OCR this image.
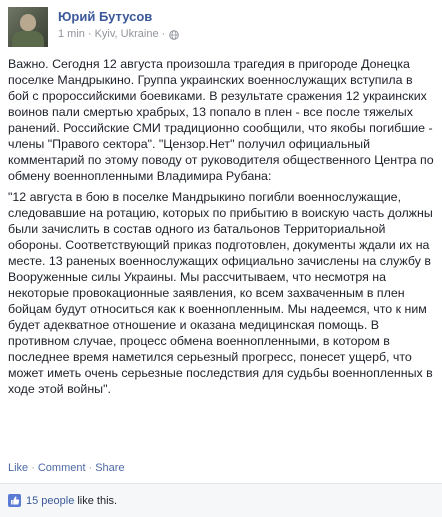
Юрий Бутусов
1 min · Kyiv, Ukraine ·

Важно. Сегодня 12 августа произошла трагедия в пригороде Донецка поселке Мандрыкино. Группа украинских военнослужащих вступила в бой с пророссийскими боевиками. В результате сражения 12 украинских воинов пали смертью храбрых, 13 попало в плен - все после тяжелых ранений. Российские СМИ традиционно сообщили, что якобы погибшие - члены "Правого сектора". "Цензор.Нет" получил официальный комментарий по этому поводу от руководителя общественного Центра по обмену военнопленными Владимира Рубана:

"12 августа в бою в поселке Мандрыкино погибли военнослужащие, следовавшие на ротацию, которых по прибытию в воискую часть должны были зачислить в состав одного из батальонов Территориальной обороны. Соответствующий приказ подготовлен, документы ждали их на месте. 13 раненых военнослужащих официально зачислены на службу в Вооруженные силы Украины. Мы рассчитываем, что несмотря на некоторые провокационные заявления, ко всем захваченным в плен бойцам будут относиться как к военнопленным. Мы надеемся, что к ним будет адекватное отношение и оказана медицинская помощь. В противном случае, процесс обмена военнопленными, в котором в последнее время наметился серьезный прогресс, понесет ущерб, что может иметь очень серьезные последствия для судьбы военнопленных в ходе этой войны".

Like · Comment · Share
15 people like this.
